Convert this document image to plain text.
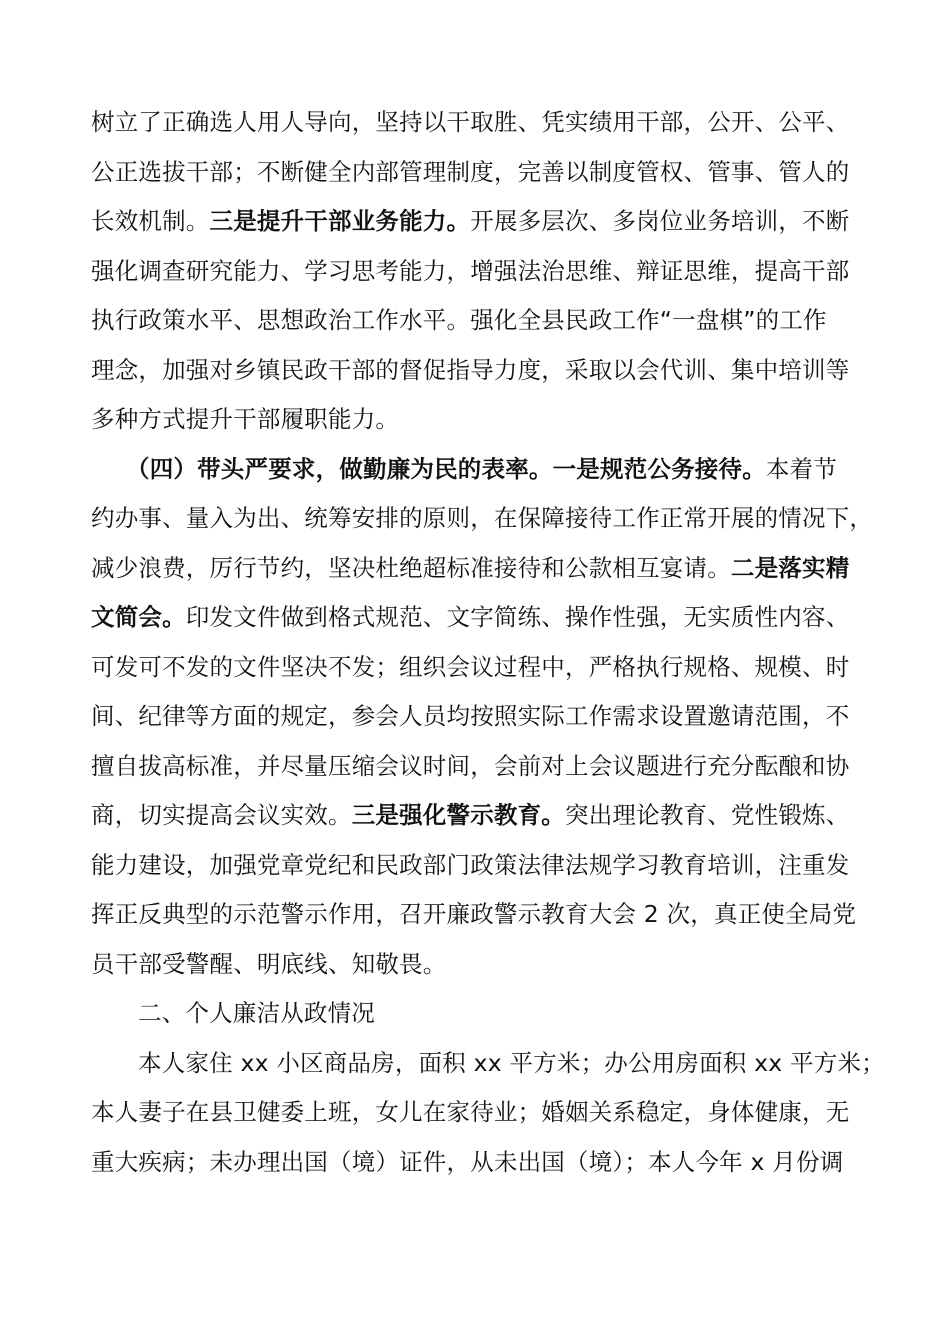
树立了正确选人用人导向，坚持以干取胜、凭实绩用干部，公开、公平、
公正选拔干部；不断健全内部管理制度，完善以制度管权、管事、管人的
长效机制。三是提升干部业务能力。开展多层次、多岗位业务培训，不断
强化调查研究能力、学习思考能力，增强法治思维、辩证思维，提高干部
执行政策水平、思想政治工作水平。强化全县民政工作“一盘棋”的工作
理念，加强对乡镇民政干部的督促指导力度，采取以会代训、集中培训等
多种方式提升干部履职能力。
（四）带头严要求，做勤廉为民的表率。一是规范公务接待。本着节
约办事、量入为出、统筹安排的原则，在保障接待工作正常开展的情况下，
减少浪费，厉行节约，坚决杜绝超标准接待和公款相互宴请。二是落实精
文简会。印发文件做到格式规范、文字简练、操作性强，无实质性内容、
可发可不发的文件坚决不发；组织会议过程中，严格执行规格、规模、时
间、纪律等方面的规定，参会人员均按照实际工作需求设置邀请范围，不
擅自拔高标准，并尽量压缩会议时间，会前对上会议题进行充分酝酿和协
商，切实提高会议实效。三是强化警示教育。突出理论教育、党性锻炼、
能力建设，加强党章党纪和民政部门政策法律法规学习教育培训，注重发
挥正反典型的示范警示作用，召开廉政警示教育大会 2 次，真正使全局党
员干部受警醒、明底线、知敬畏。
二、个人廉洁从政情况
本人家住 xx 小区商品房，面积 xx 平方米；办公用房面积 xx 平方米；
本人妻子在县卫健委上班，女儿在家待业；婚姻关系稳定，身体健康，无
重大疾病；未办理出国（境）证件，从未出国（境）；本人今年 x 月份调
